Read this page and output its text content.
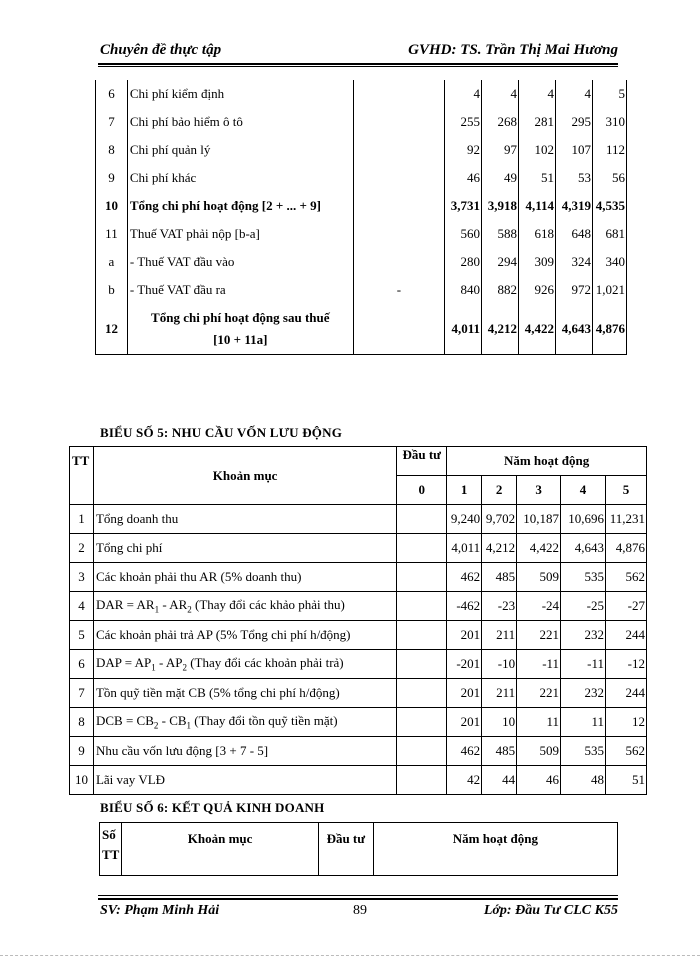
Chuyên đề thực tập	GVHD: TS. Trần Thị Mai Hương
6	Chi phí kiểm định		4	4	4	4	5
7	Chi phí bảo hiểm ô tô		255	268	281	295	310
8	Chi phí quản lý		92	97	102	107	112
9	Chi phí khác		46	49	51	53	56
10	Tổng chi phí hoạt động [2 + ... + 9]		3,731	3,918	4,114	4,319	4,535
11	Thuế VAT phải nộp [b-a]		560	588	618	648	681
a	- Thuế VAT đầu vào		280	294	309	324	340
b	- Thuế VAT đầu ra	-	840	882	926	972	1,021
12	Tổng chi phí hoạt động sau thuế
[10 + 11a]		4,011	4,212	4,422	4,643	4,876
BIỂU SỐ 5: NHU CẦU VỐN LƯU ĐỘNG
TT	Khoản mục	Đầu tư	Năm hoạt động				
		0	1	2	3	4	5
1	Tổng doanh thu		9,240	9,702	10,187	10,696	11,231
2	Tổng chi phí		4,011	4,212	4,422	4,643	4,876
3	Các khoản phải thu AR (5% doanh thu)		462	485	509	535	562
4	DAR = $AR_1 - AR_2$ (Thay đổi các khảo phải thu)		-462	-23	-24	-25	-27
5	Các khoản phải trả AP (5% Tổng chi phí h/động)		201	211	221	232	244
6	DAP = $AP_1 - AP_2$ (Thay đổi các khoản phải trả)		-201	-10	-11	-11	-12
7	Tồn quỹ tiền mặt CB (5% tổng chi phí h/động)		201	211	221	232	244
8	DCB = $CB_2 - CB_1$ (Thay đổi tồn quỹ tiền mặt)		201	10	11	11	12
9	Nhu cầu vốn lưu động [3 + 7 - 5]		462	485	509	535	562
10	Lãi vay VLĐ		42	44	46	48	51
BIỂU SỐ 6: KẾT QUẢ KINH DOANH
Số
TT
	Khoản mục	Đầu tư	Năm hoạt động
SV: Phạm Minh Hải	89	Lớp: Đầu Tư CLC K55
